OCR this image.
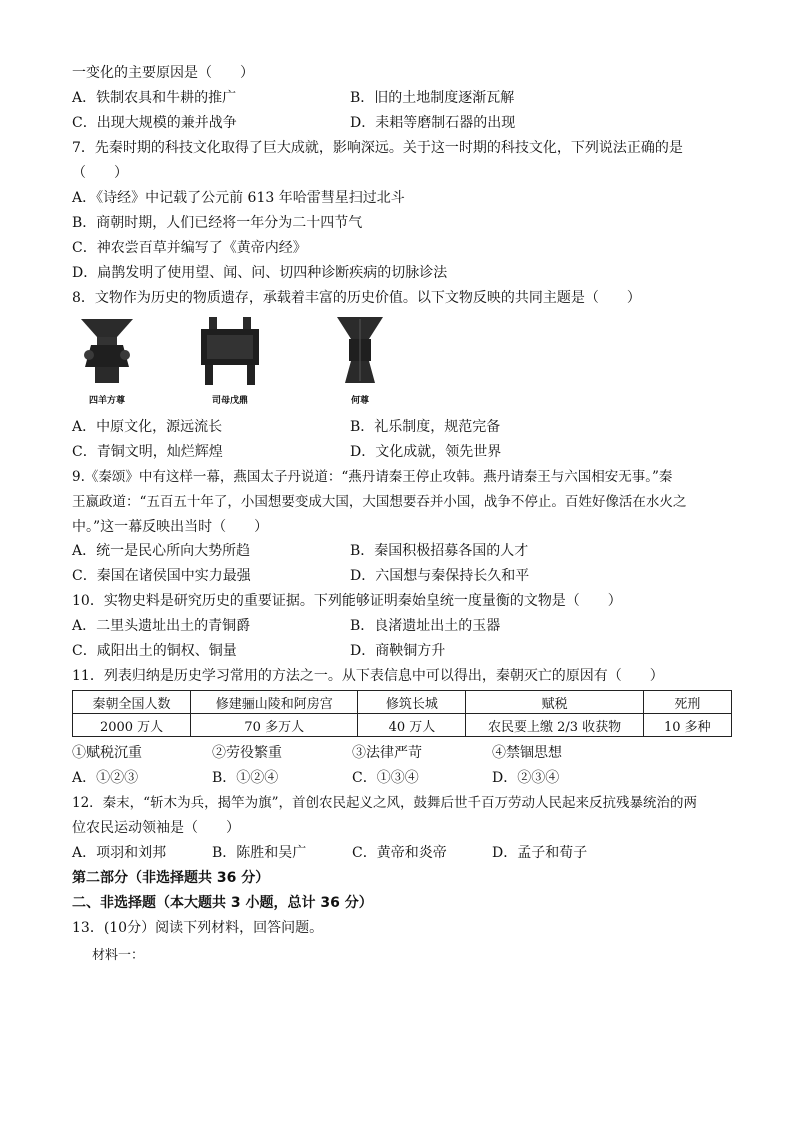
一变化的主要原因是（　　）
A．铁制农具和牛耕的推广	B．旧的土地制度逐渐瓦解
C．出现大规模的兼并战争	D．耒耜等磨制石器的出现
7．先秦时期的科技文化取得了巨大成就，影响深远。关于这一时期的科技文化，下列说法正确的是
（　　）
A．《诗经》中记载了公元前 613 年哈雷彗星扫过北斗
B．商朝时期，人们已经将一年分为二十四节气
C．神农尝百草并编写了《黄帝内经》
D．扁鹊发明了使用望、闻、问、切四种诊断疾病的切脉诊法
8．文物作为历史的物质遗存，承载着丰富的历史价值。以下文物反映的共同主题是（　　）
四羊方尊	司母戊鼎	何尊
A．中原文化，源远流长	B．礼乐制度，规范完备
C．青铜文明，灿烂辉煌	D．文化成就，领先世界
9.《秦颂》中有这样一幕，燕国太子丹说道：“燕丹请秦王停止攻韩。燕丹请秦王与六国相安无事。”秦
王嬴政道：“五百五十年了，小国想要变成大国，大国想要吞并小国，战争不停止。百姓好像活在水火之
中。”这一幕反映出当时（　　）
A．统一是民心所向大势所趋	B．秦国积极招募各国的人才
C．秦国在诸侯国中实力最强	D．六国想与秦保持长久和平
10．实物史料是研究历史的重要证据。下列能够证明秦始皇统一度量衡的文物是（　　）
A．二里头遗址出土的青铜爵	B．良渚遗址出土的玉器
C．咸阳出土的铜权、铜量	D．商鞅铜方升
11．列表归纳是历史学习常用的方法之一。从下表信息中可以得出，秦朝灭亡的原因有（　　）
秦朝全国人数	修建骊山陵和阿房宫	修筑长城	赋税	死刑
2000 万人	70 多万人	40 万人	农民要上缴 2/3 收获物	10 多种
①赋税沉重	②劳役繁重	③法律严苛	④禁锢思想
A．①②③	B．①②④	C．①③④	D．②③④
12．秦末，“斩木为兵，揭竿为旗”，首创农民起义之风，鼓舞后世千百万劳动人民起来反抗残暴统治的两
位农民运动领袖是（　　）
A．项羽和刘邦	B．陈胜和吴广	C．黄帝和炎帝	D．孟子和荀子
第二部分（非选择题共 36 分）
二、非选择题（本大题共 3 小题，总计 36 分）
13．(10分）阅读下列材料，回答问题。
材料一：
